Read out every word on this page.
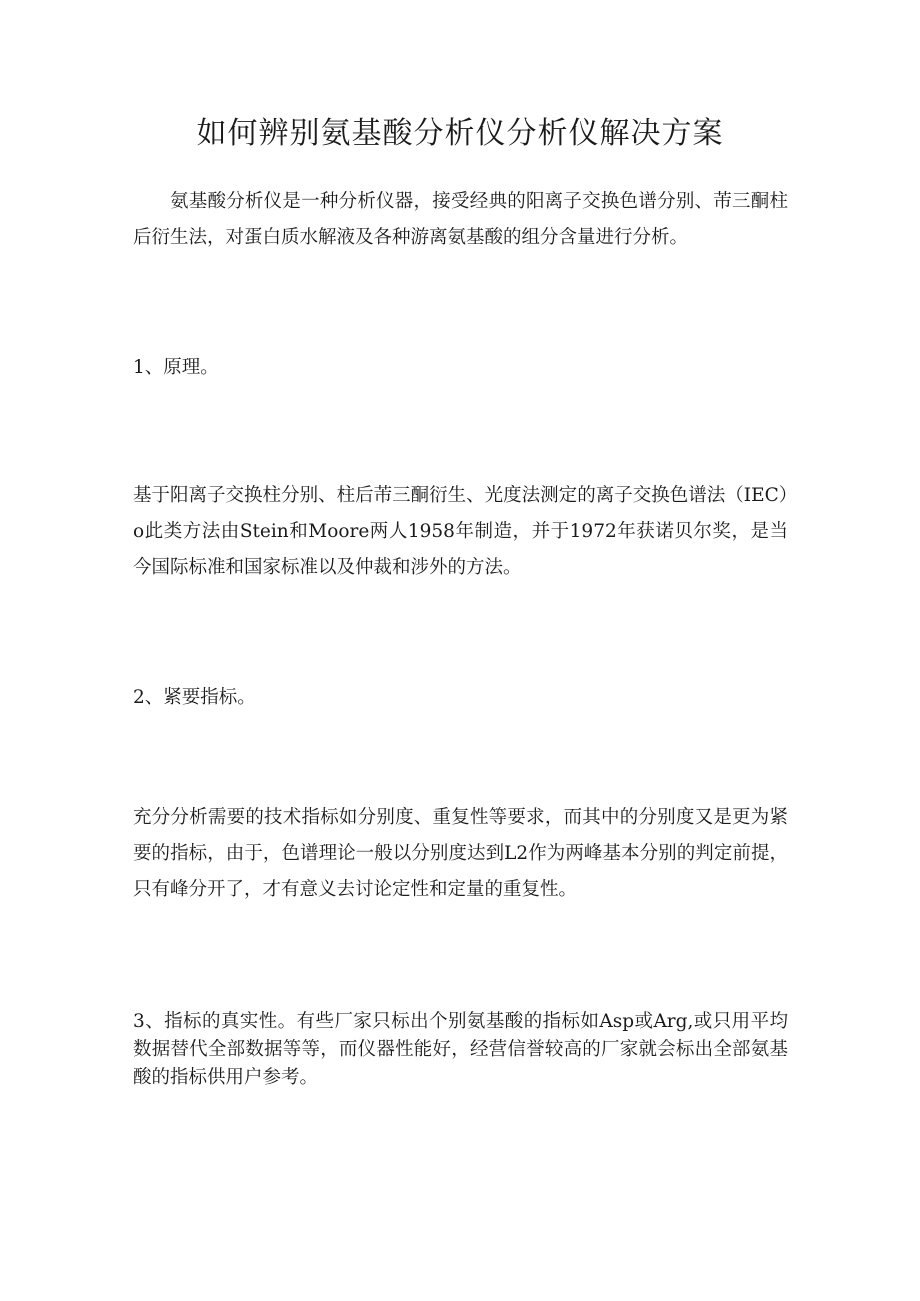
如何辨别氨基酸分析仪分析仪解决方案

氨基酸分析仪是一种分析仪器，接受经典的阳离子交换色谱分别、芾三酮柱后衍生法，对蛋白质水解液及各种游离氨基酸的组分含量进行分析。

1、原理。

基于阳离子交换柱分别、柱后芾三酮衍生、光度法测定的离子交换色谱法（IEC）o此类方法由Stein和Moore两人1958年制造，并于1972年获诺贝尔奖，是当今国际标准和国家标准以及仲裁和涉外的方法。

2、紧要指标。

充分分析需要的技术指标如分别度、重复性等要求，而其中的分别度又是更为紧要的指标，由于，色谱理论一般以分别度达到L2作为两峰基本分别的判定前提，只有峰分开了，才有意义去讨论定性和定量的重复性。

3、指标的真实性。有些厂家只标出个别氨基酸的指标如Asp或Arg,或只用平均数据替代全部数据等等，而仪器性能好，经营信誉较高的厂家就会标出全部氨基酸的指标供用户参考。
